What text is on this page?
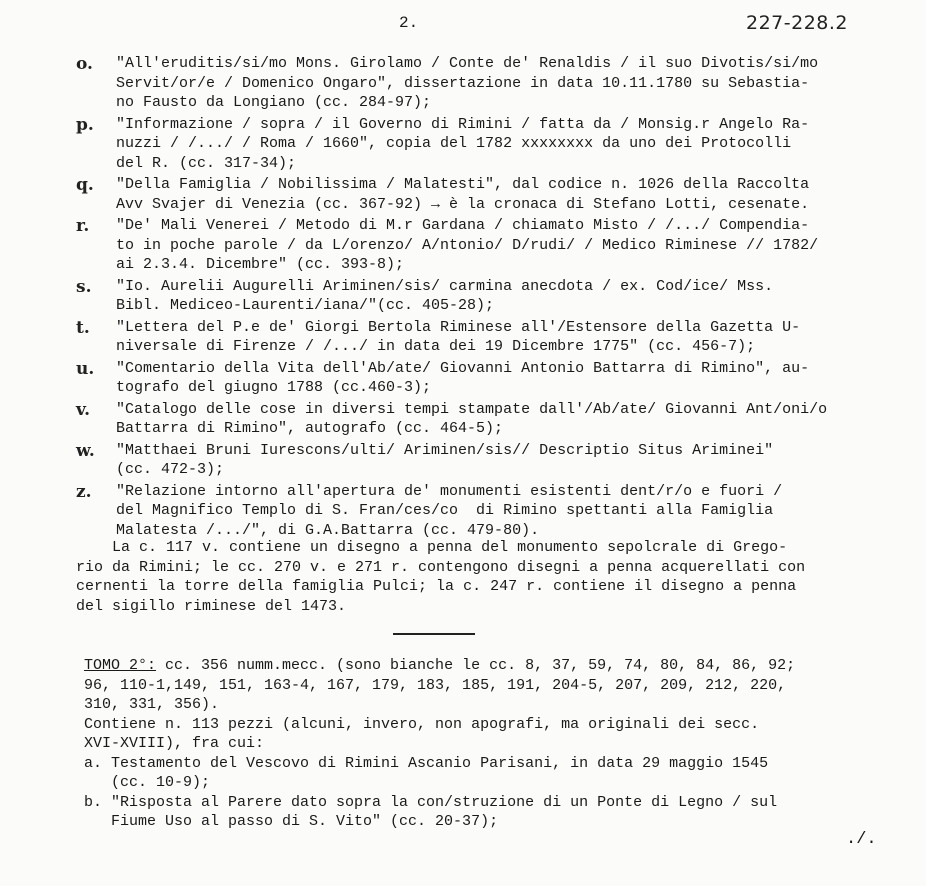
2.	227-228.2
o. "All'eruditis/si/mo Mons. Girolamo / Conte de' Renaldis / il suo Divotis/si/mo
Servit/or/e / Domenico Ongaro", dissertazione in data 10.11.1780 su Sebastia-
no Fausto da Longiano (cc. 284-97);
p. "Informazione / sopra / il Governo di Rimini / fatta da / Monsig.r Angelo Ra-
nuzzi / /.../ / Roma / 1660", copia del 1782 xxxxxxxx da uno dei Protocolli
del R. (cc. 317-34);
q. "Della Famiglia / Nobilissima / Malatesti", dal codice n. 1026 della Raccolta
Avv Svajer di Venezia (cc. 367-92) → è la cronaca di Stefano Lotti, cesenate.
r. "De' Mali Venerei / Metodo di M.r Gardana / chiamato Misto / /.../ Compendia-
to in poche parole / da L/orenzo/ A/ntonio/ D/rudi/ / Medico Riminese // 1782/
ai 2.3.4. Dicembre" (cc. 393-8);
s. "Io. Aurelii Augurelli Ariminen/sis/ carmina anecdota / ex. Cod/ice/ Mss.
Bibl. Mediceo-Laurenti/iana/"(cc. 405-28);
t. "Lettera del P.e de' Giorgi Bertola Riminese all'/Estensore della Gazetta U-
niversale di Firenze / /.../ in data dei 19 Dicembre 1775" (cc. 456-7);
u. "Comentario della Vita dell'Ab/ate/ Giovanni Antonio Battarra di Rimino", au-
tografo del giugno 1788 (cc.460-3);
v. "Catalogo delle cose in diversi tempi stampate dall'/Ab/ate/ Giovanni Ant/oni/o
Battarra di Rimino", autografo (cc. 464-5);
w. "Matthaei Bruni Iurescons/ulti/ Ariminen/sis// Descriptio Situs Ariminei"
(cc. 472-3);
z. "Relazione intorno all'apertura de' monumenti esistenti dent/r/o e fuori /
del Magnifico Templo di S. Fran/ces/co  di Rimino spettanti alla Famiglia
Malatesta /.../", di G.A.Battarra (cc. 479-80).
La c. 117 v. contiene un disegno a penna del monumento sepolcrale di Grego-
rio da Rimini; le cc. 270 v. e 271 r. contengono disegni a penna acquerellati con
cernenti la torre della famiglia Pulci; la c. 247 r. contiene il disegno a penna
del sigillo riminese del 1473.
TOMO 2°: cc. 356 numm.mecc. (sono bianche le cc. 8, 37, 59, 74, 80, 84, 86, 92;
96, 110-1,149, 151, 163-4, 167, 179, 183, 185, 191, 204-5, 207, 209, 212, 220,
310, 331, 356).
Contiene n. 113 pezzi (alcuni, invero, non apografi, ma originali dei secc.
XVI-XVIII), fra cui:
a. Testamento del Vescovo di Rimini Ascanio Parisani, in data 29 maggio 1545
(cc. 10-9);
b. "Risposta al Parere dato sopra la con/struzione di un Ponte di Legno / sul
Fiume Uso al passo di S. Vito" (cc. 20-37);
./.
